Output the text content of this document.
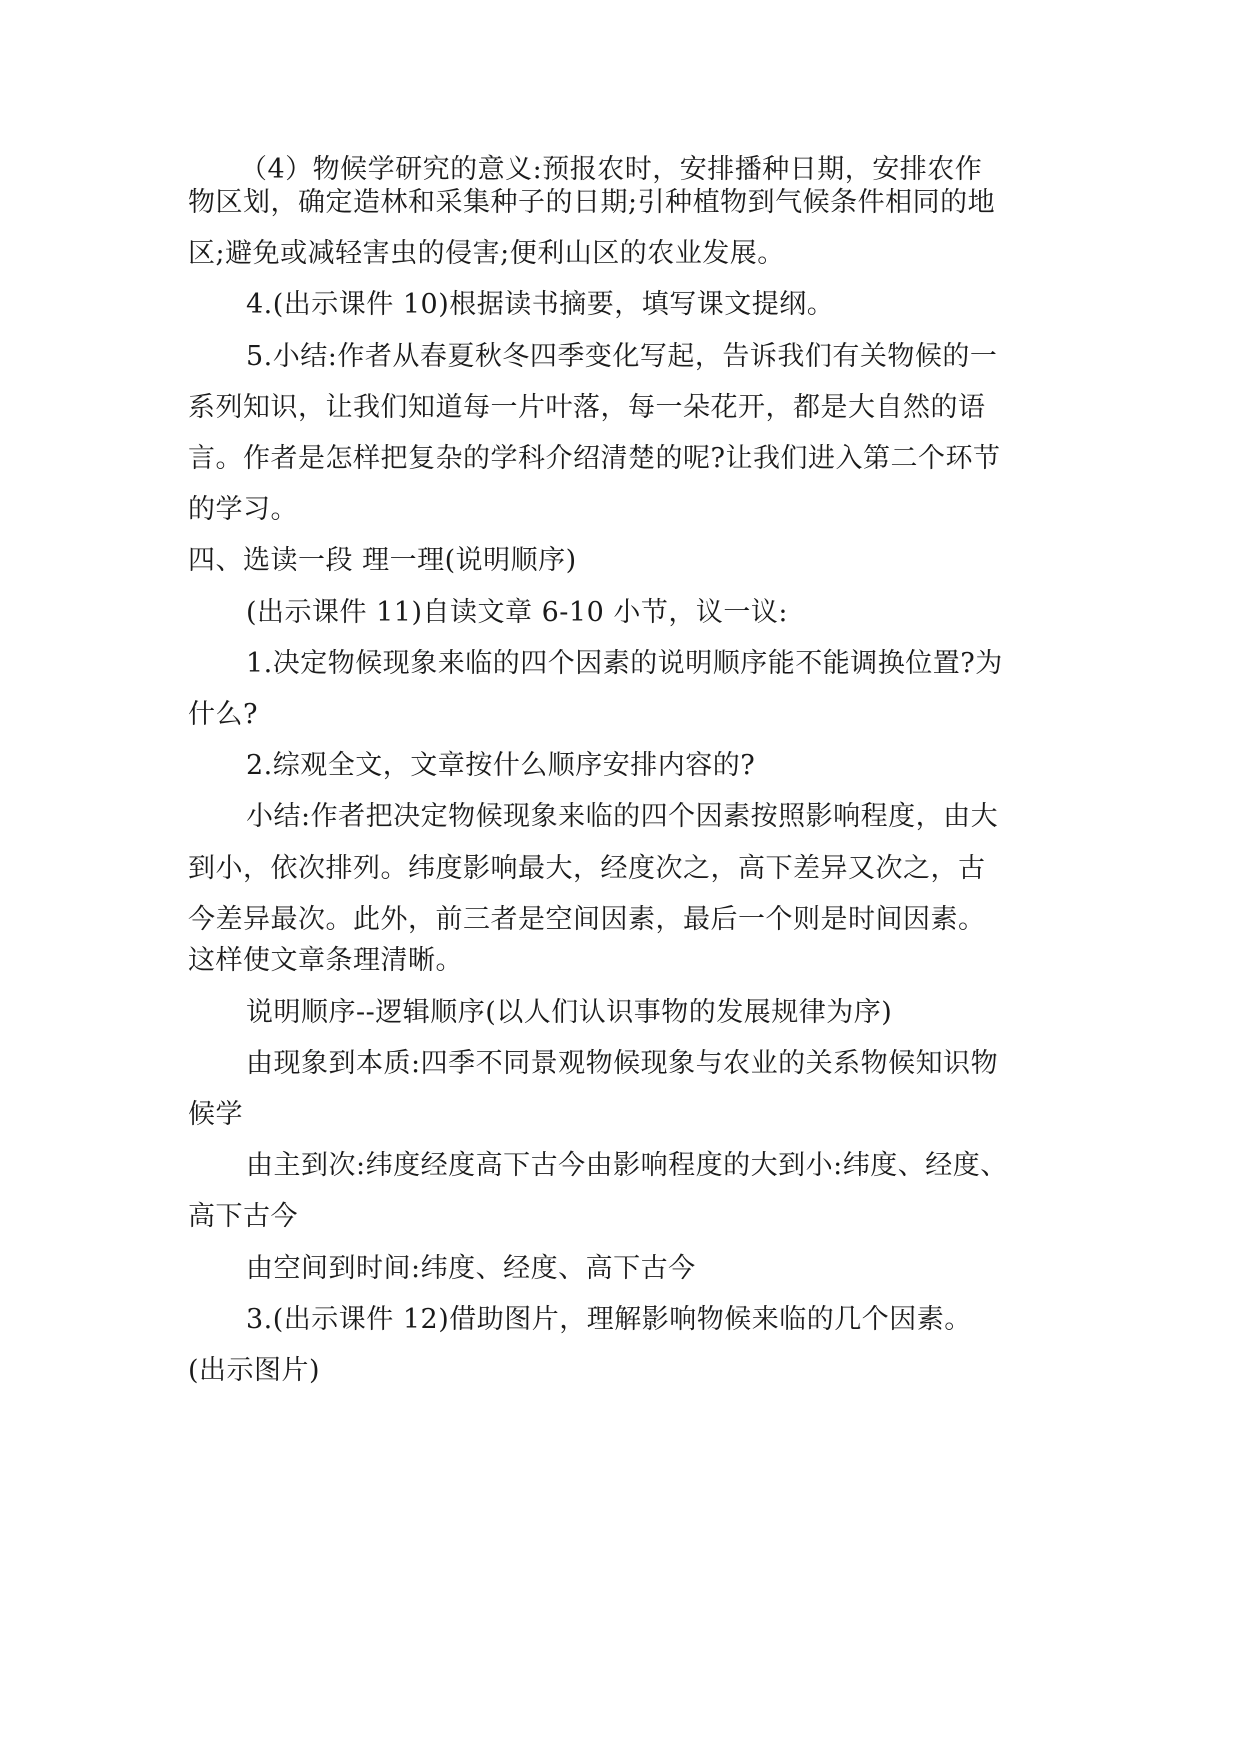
（4）物候学研究的意义:预报农时，安排播种日期，安排农作
物区划，确定造林和采集种子的日期;引种植物到气候条件相同的地
区;避免或减轻害虫的侵害;便利山区的农业发展。
4.(出示课件 10)根据读书摘要，填写课文提纲。
5.小结:作者从春夏秋冬四季变化写起，告诉我们有关物候的一
系列知识，让我们知道每一片叶落，每一朵花开，都是大自然的语
言。作者是怎样把复杂的学科介绍清楚的呢?让我们进入第二个环节
的学习。
四、选读一段 理一理(说明顺序)
(出示课件 11)自读文章 6-10 小节，议一议:
1.决定物候现象来临的四个因素的说明顺序能不能调换位置?为
什么?
2.综观全文，文章按什么顺序安排内容的?
小结:作者把决定物候现象来临的四个因素按照影响程度，由大
到小，依次排列。纬度影响最大，经度次之，高下差异又次之，古
今差异最次。此外，前三者是空间因素，最后一个则是时间因素。
这样使文章条理清晰。
说明顺序--逻辑顺序(以人们认识事物的发展规律为序)
由现象到本质:四季不同景观物候现象与农业的关系物候知识物
候学
由主到次:纬度经度高下古今由影响程度的大到小:纬度、经度、
高下古今
由空间到时间:纬度、经度、高下古今
3.(出示课件 12)借助图片，理解影响物候来临的几个因素。
(出示图片)
